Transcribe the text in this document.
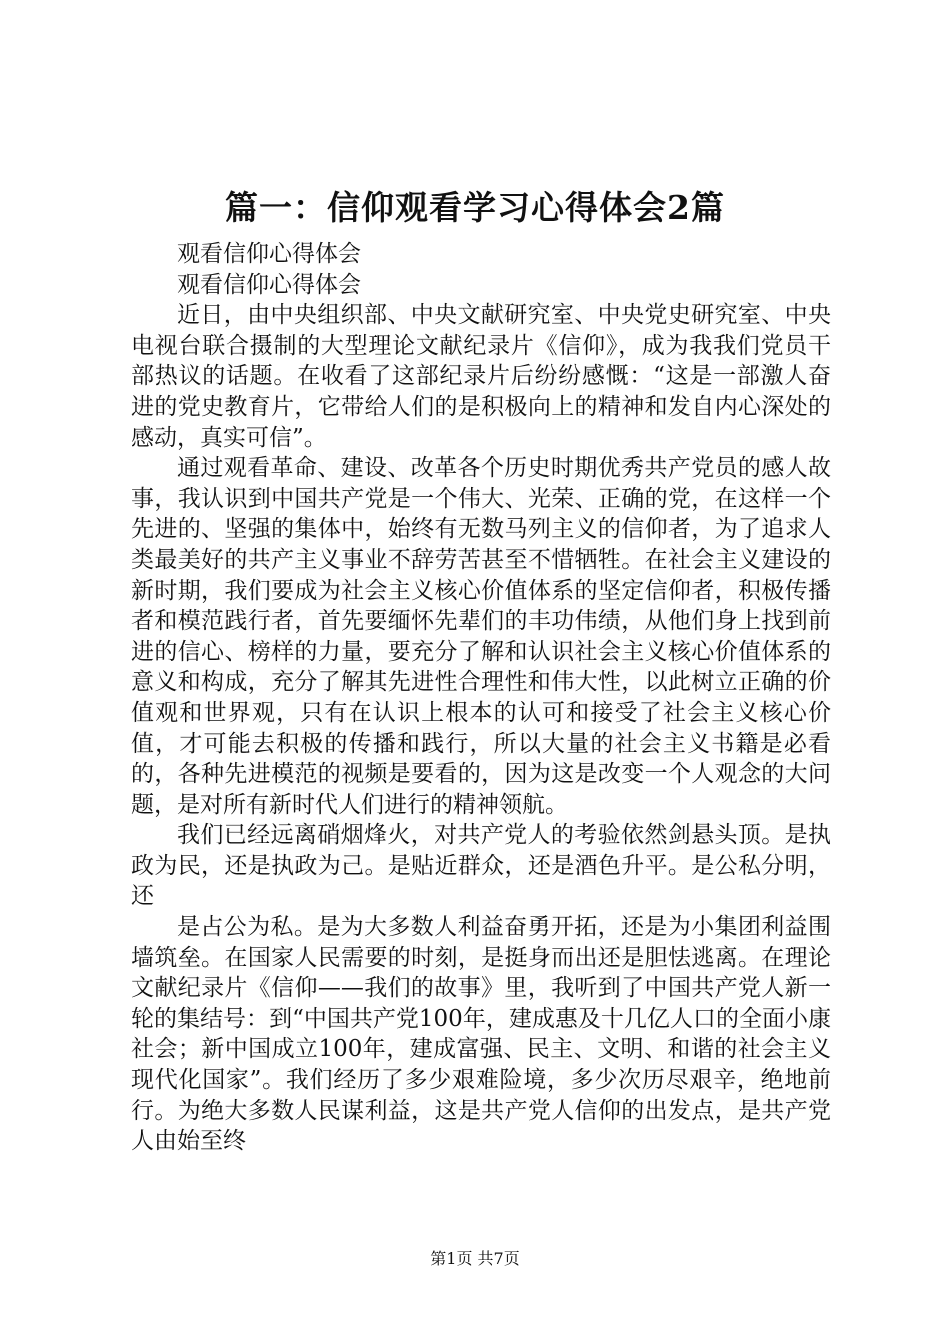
篇一：信仰观看学习心得体会2篇

观看信仰心得体会

观看信仰心得体会

近日，由中央组织部、中央文献研究室、中央党史研究室、中央电视台联合摄制的大型理论文献纪录片《信仰》，成为我我们党员干部热议的话题。在收看了这部纪录片后纷纷感慨：“这是一部激人奋进的党史教育片，它带给人们的是积极向上的精神和发自内心深处的感动，真实可信”。

通过观看革命、建设、改革各个历史时期优秀共产党员的感人故事，我认识到中国共产党是一个伟大、光荣、正确的党，在这样一个先进的、坚强的集体中，始终有无数马列主义的信仰者，为了追求人类最美好的共产主义事业不辞劳苦甚至不惜牺牲。在社会主义建设的新时期，我们要成为社会主义核心价值体系的坚定信仰者，积极传播者和模范践行者，首先要缅怀先辈们的丰功伟绩，从他们身上找到前进的信心、榜样的力量，要充分了解和认识社会主义核心价值体系的意义和构成，充分了解其先进性合理性和伟大性，以此树立正确的价值观和世界观，只有在认识上根本的认可和接受了社会主义核心价值，才可能去积极的传播和践行，所以大量的社会主义书籍是必看的，各种先进模范的视频是要看的，因为这是改变一个人观念的大问题，是对所有新时代人们进行的精神领航。

我们已经远离硝烟烽火，对共产党人的考验依然剑悬头顶。是执政为民，还是执政为己。是贴近群众，还是酒色升平。是公私分明，还

是占公为私。是为大多数人利益奋勇开拓，还是为小集团利益围墙筑垒。在国家人民需要的时刻，是挺身而出还是胆怯逃离。在理论文献纪录片《信仰——我们的故事》里，我听到了中国共产党人新一轮的集结号：到“中国共产党100年，建成惠及十几亿人口的全面小康社会；新中国成立100年，建成富强、民主、文明、和谐的社会主义现代化国家”。我们经历了多少艰难险境，多少次历尽艰辛，绝地前行。为绝大多数人民谋利益，这是共产党人信仰的出发点，是共产党人由始至终

第1页 共7页
